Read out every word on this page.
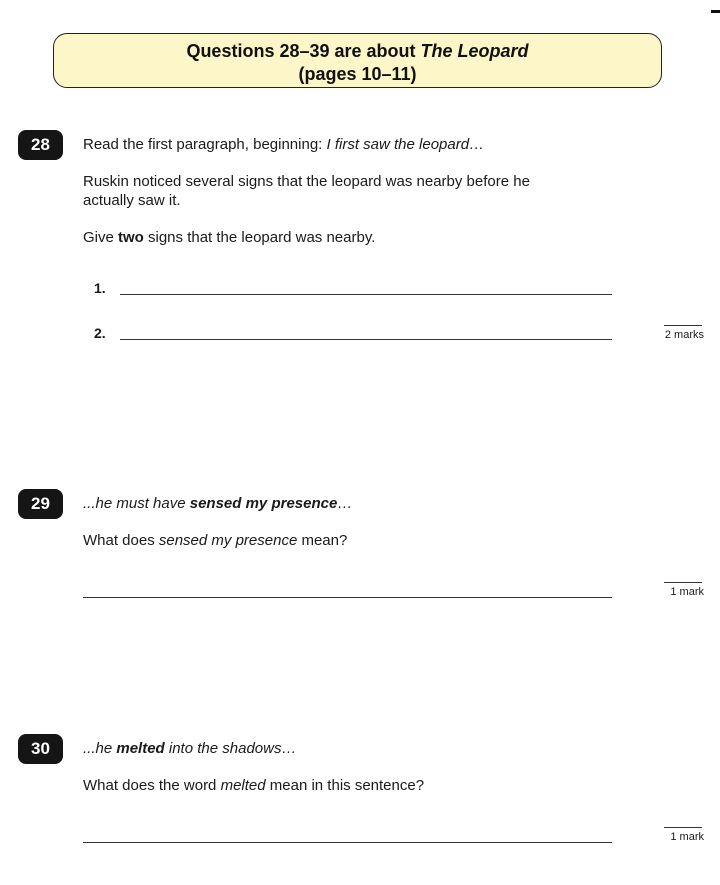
Questions 28–39 are about The Leopard
(pages 10–11)
28	Read the first paragraph, beginning: I first saw the leopard…
Ruskin noticed several signs that the leopard was nearby before he
actually saw it.
Give two signs that the leopard was nearby.
1.
2.	2 marks
29	...he must have sensed my presence…
What does sensed my presence mean?
1 mark
30	...he melted into the shadows…
What does the word melted mean in this sentence?
1 mark
